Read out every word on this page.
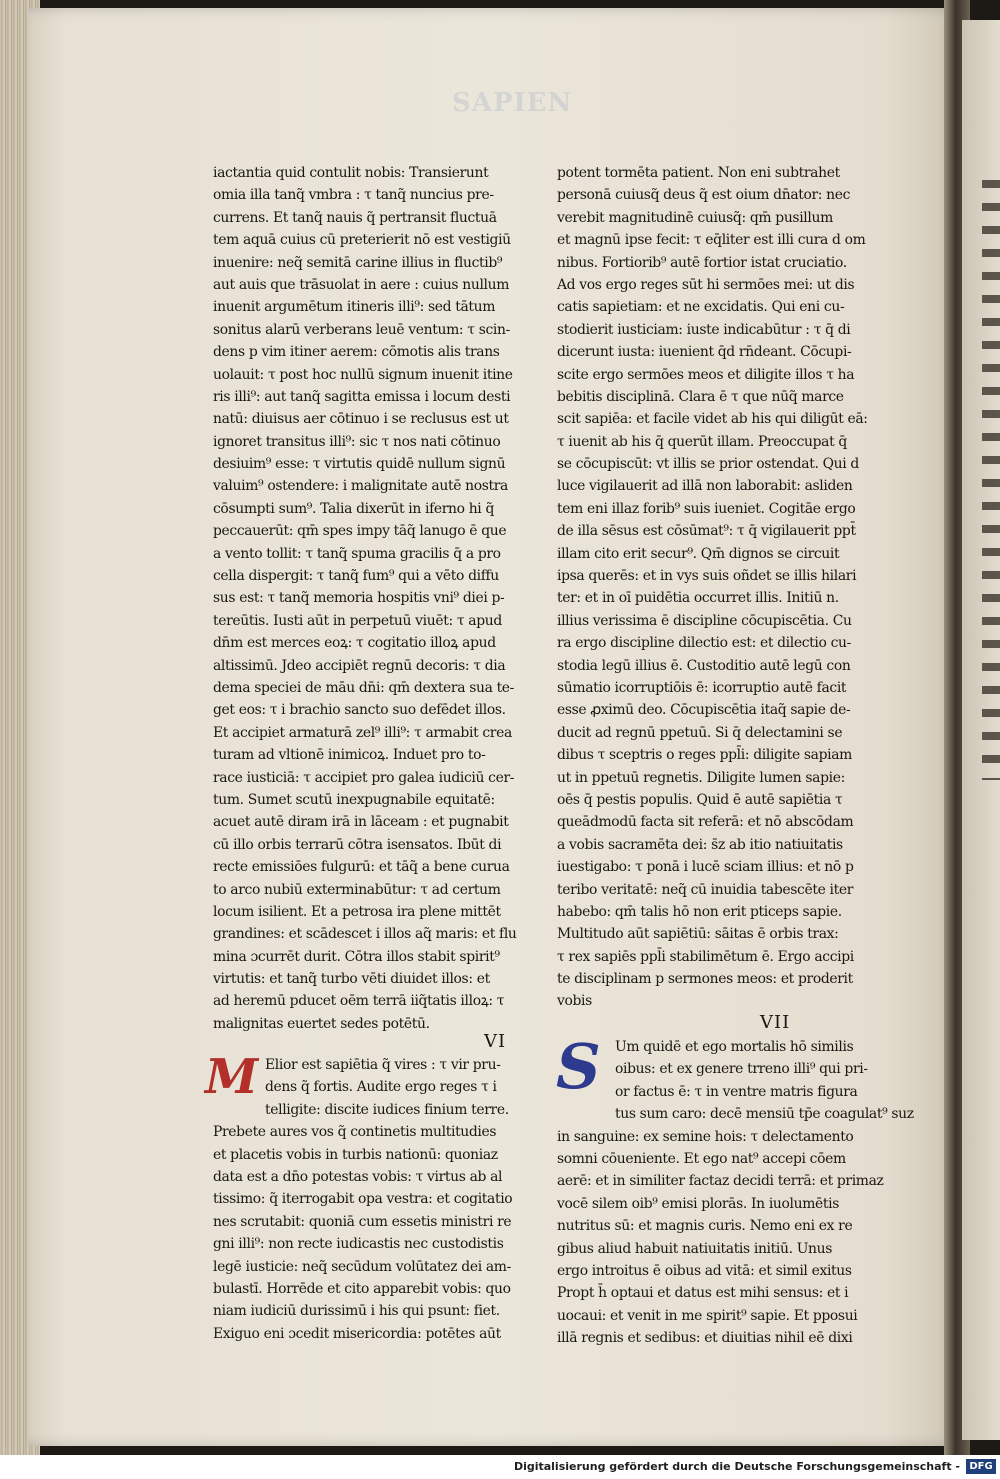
SAPIEN

iactantia quid contulit nobis: Transierunt
omia illa tanq̃ vmbra : τ tanq̃ nuncius pre-
currens. Et tanq̃ nauis q̃ pertransit fluctuā
tem aquā cuius cū preterierit nō est vestigiū
inuenire: neq̃ semitā carine illius in fluctib⁹
aut auis que trāsuolat in aere : cuius nullum
inuenit argumētum itineris illi⁹: sed tātum
sonitus alarū verberans leuē ventum: τ scin-
dens p vim itiner aerem: cōmotis alis trans
uolauit: τ post hoc nullū signum inuenit itine
ris illi⁹: aut tanq̃ sagitta emissa i locum desti
natū: diuisus aer cōtinuo i se reclusus est ut
ignoret transitus illi⁹: sic τ nos nati cōtinuo
desiuim⁹ esse: τ virtutis quidē nullum signū
valuim⁹ ostendere: i malignitate autē nostra
cōsumpti sum⁹. Talia dixerūt in iferno hi q̃
peccauerūt: qm̄ spes impy tāq̃ lanugo ē que
a vento tollit: τ tanq̃ spuma gracilis q̄ a pro
cella dispergit: τ tanq̃ fum⁹ qui a vēto diffu
sus est: τ tanq̃ memoria hospitis vni⁹ diei p-
tereūtis. Iusti aūt in perpetuū viuēt: τ apud
dn̄m est merces eoꝝ: τ cogitatio illoꝝ apud
altissimū. Jdeo accipiēt regnū decoris: τ dia
dema speciei de māu dn̄i: qm̄ dextera sua te-
get eos: τ i brachio sancto suo defēdet illos.
Et accipiet armaturā zel⁹ illi⁹: τ armabit crea
turam ad vltionē inimicoꝝ. Induet pro to-
race iusticiā: τ accipiet pro galea iudiciū cer-
tum. Sumet scutū inexpugnabile equitatē:
acuet autē diram irā in lāceam : et pugnabit
cū illo orbis terrarū cōtra isensatos. Ibūt di
recte emissiōes fulgurū: et tāq̃ a bene curua
to arco nubiū exterminabūtur: τ ad certum
locum isilient. Et a petrosa ira plene mittēt
grandines: et scādescet i illos aq̃ maris: et flu
mina ɔcurrēt durit. Cōtra illos stabit spirit⁹
virtutis: et tanq̃ turbo vēti diuidet illos: et
ad heremū pducet oēm terrā iiq̃tatis illoꝝ: τ
malignitas euertet sedes potētū.

VI
M

Elior est sapiētia q̃ vires : τ vir pru-
dens q̃ fortis. Audite ergo reges τ i
telligite: discite iudices finium terre.
Prebete aures vos q̃ continetis multitudies
et placetis vobis in turbis nationū: quoniaz
data est a dn̄o potestas vobis: τ virtus ab al
tissimo: q̃ iterrogabit opa vestra: et cogitatio
nes scrutabit: quoniā cum essetis ministri re
gni illi⁹: non recte iudicastis nec custodistis
legē iusticie: neq̃ secūdum volūtatez dei am-
bulastī. Horrēde et cito apparebit vobis: quo
niam iudiciū durissimū i his qui psunt: fiet.
Exiguo eni ɔcedit misericordia: potētes aūt

potent tormēta patient. Non eni subtrahet
personā cuiusq̃ deus q̃ est oium dn̄ator: nec
verebit magnitudinē cuiusq̃: qm̄ pusillum
et magnū ipse fecit: τ eq̄liter est illi cura d om
nibus. Fortiorib⁹ autē fortior istat cruciatio.
Ad vos ergo reges sūt hi sermōes mei: ut dis
catis sapietiam: et ne excidatis. Qui eni cu-
stodierit iusticiam: iuste indicabūtur : τ q̄ di
dicerunt iusta: iuenient q̄d rn̄deant. Cōcupi-
scite ergo sermōes meos et diligite illos τ ha
bebitis disciplinā. Clara ē τ que nūq̃ marce
scit sapiēa: et facile videt ab his qui diligūt eā:
τ iuenit ab his q̄ querūt illam. Preoccupat q̄
se cōcupiscūt: vt illis se prior ostendat. Qui d
luce vigilauerit ad illā non laborabit: asliden
tem eni illaz forib⁹ suis iueniet. Cogitāe ergo
de illa sēsus est cōsūmat⁹: τ q̄ vigilauerit ppt̄
illam cito erit secur⁹. Qm̄ dignos se circuit
ipsa querēs: et in vys suis oñdet se illis hilari
ter: et in oī puidētia occurret illis. Initiū n.
illius verissima ē discipline cōcupiscētia. Cu
ra ergo discipline dilectio est: et dilectio cu-
stodia legū illius ē. Custoditio autē legū con
sūmatio icorruptiōis ē: icorruptio autē facit
esse ꝓximū deo. Cōcupiscētia itaq̃ sapie de-
ducit ad regnū ppetuū. Si q̄ delectamini se
dibus τ sceptris o reges ppl̄i: diligite sapiam
ut in ppetuū regnetis. Diligite lumen sapie:
oēs q̄ pestis populis. Quid ē autē sapiētia τ
queādmodū facta sit referā: et nō abscōdam
a vobis sacramēta dei: s̄z ab itio natiuitatis
iuestigabo: τ ponā i lucē sciam illius: et nō p
teribo veritatē: neq̃ cū inuidia tabescēte iter
habebo: qm̄ talis hō non erit pticeps sapie.
Multitudo aūt sapiētiū: sāitas ē orbis trax:
τ rex sapiēs ppl̄i stabilimētum ē. Ergo accipi
te disciplinam p sermones meos: et proderit
vobis

VII
S

	Um quidē et ego mortalis hō similis
oibus: et ex genere trreno illi⁹ qui pri-
or factus ē: τ in ventre matris figura
tus sum caro: decē mensiū tp̄e coagulat⁹ suz
in sanguine: ex semine hois: τ delectamento
somni cōueniente. Et ego nat⁹ accepi cōem
aerē: et in similiter factaz decidi terrā: et primaz
vocē silem oib⁹ emisi plorās. In iuolumētis
nutritus sū: et magnis curis. Nemo eni ex re
gibus aliud habuit natiuitatis initiū. Unus
ergo introitus ē oibus ad vitā: et simil exitus
Propt h̄ optaui et datus est mihi sensus: et i
uocaui: et venit in me spirit⁹ sapie. Et pposui
illā regnis et sedibus: et diuitias nihil eē dixi

Digitalisierung gefördert durch die Deutsche Forschungsgemeinschaft - DFG
